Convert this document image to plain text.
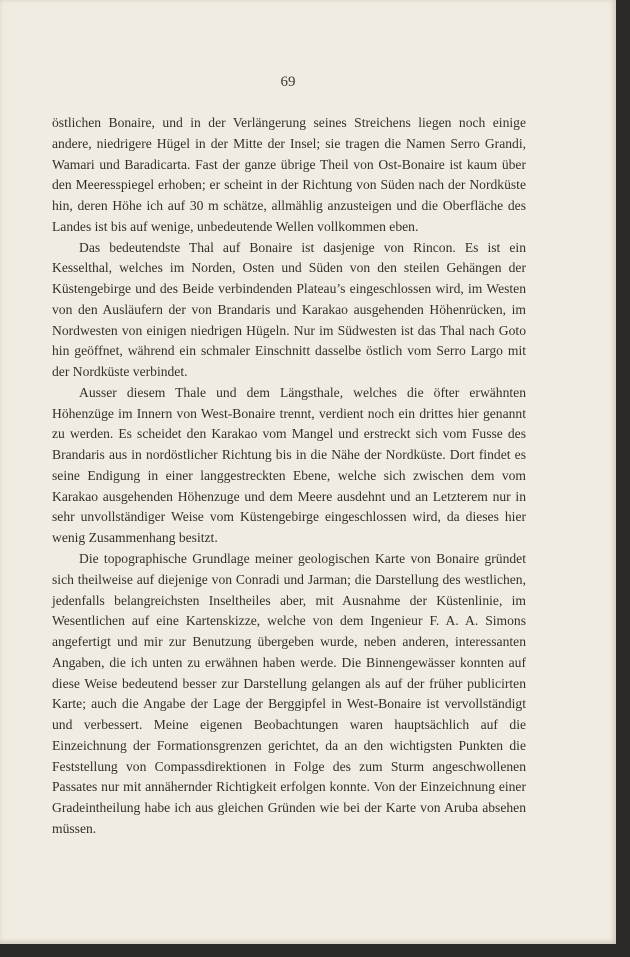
69

östlichen Bonaire, und in der Verlängerung seines Streichens liegen noch einige andere, niedrigere Hügel in der Mitte der Insel; sie tragen die Namen Serro Grandi, Wamari und Baradicarta. Fast der ganze übrige Theil von Ost-Bonaire ist kaum über den Meeresspiegel erhoben; er scheint in der Richtung von Süden nach der Nordküste hin, deren Höhe ich auf 30 m schätze, allmählig anzusteigen und die Oberfläche des Landes ist bis auf wenige, unbedeutende Wellen vollkommen eben.

Das bedeutendste Thal auf Bonaire ist dasjenige von Rincon. Es ist ein Kesselthal, welches im Norden, Osten und Süden von den steilen Gehängen der Küstengebirge und des Beide verbindenden Plateau’s eingeschlossen wird, im Westen von den Ausläufern der von Brandaris und Karakao ausgehenden Höhenrücken, im Nordwesten von einigen niedrigen Hügeln. Nur im Südwesten ist das Thal nach Goto hin geöffnet, während ein schmaler Einschnitt dasselbe östlich vom Serro Largo mit der Nordküste verbindet.

Ausser diesem Thale und dem Längsthale, welches die öfter erwähnten Höhenzüge im Innern von West-Bonaire trennt, verdient noch ein drittes hier genannt zu werden. Es scheidet den Karakao vom Mangel und erstreckt sich vom Fusse des Brandaris aus in nordöstlicher Richtung bis in die Nähe der Nordküste. Dort findet es seine Endigung in einer langgestreckten Ebene, welche sich zwischen dem vom Karakao ausgehenden Höhenzuge und dem Meere ausdehnt und an Letzterem nur in sehr unvollständiger Weise vom Küstengebirge eingeschlossen wird, da dieses hier wenig Zusammenhang besitzt.

Die topographische Grundlage meiner geologischen Karte von Bonaire gründet sich theilweise auf diejenige von Conradi und Jarman; die Darstellung des westlichen, jedenfalls belangreichsten Inseltheiles aber, mit Ausnahme der Küstenlinie, im Wesentlichen auf eine Kartenskizze, welche von dem Ingenieur F. A. A. Simons angefertigt und mir zur Benutzung übergeben wurde, neben anderen, interessanten Angaben, die ich unten zu erwähnen haben werde. Die Binnengewässer konnten auf diese Weise bedeutend besser zur Darstellung gelangen als auf der früher publicirten Karte; auch die Angabe der Lage der Berggipfel in West-Bonaire ist vervollständigt und verbessert. Meine eigenen Beobachtungen waren hauptsächlich auf die Einzeichnung der Formationsgrenzen gerichtet, da an den wichtigsten Punkten die Feststellung von Compassdirektionen in Folge des zum Sturm angeschwollenen Passates nur mit annähernder Richtigkeit erfolgen konnte. Von der Einzeichnung einer Gradeintheilung habe ich aus gleichen Gründen wie bei der Karte von Aruba absehen müssen.
